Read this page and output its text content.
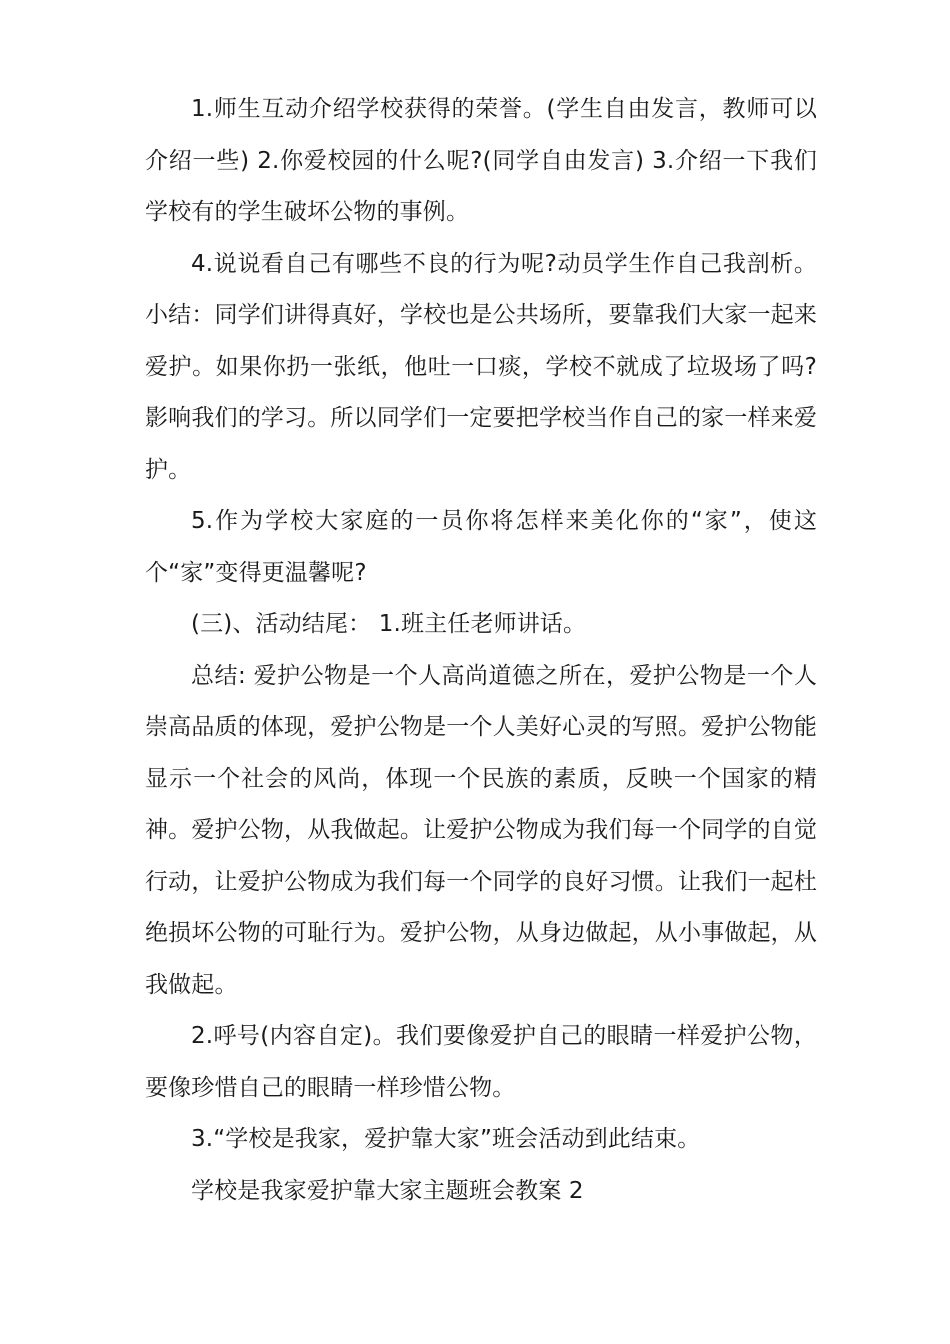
1.师生互动介绍学校获得的荣誉。(学生自由发言，教师可以介绍一些) 2.你爱校园的什么呢?(同学自由发言) 3.介绍一下我们学校有的学生破坏公物的事例。

4.说说看自己有哪些不良的行为呢?动员学生作自己我剖析。小结：同学们讲得真好，学校也是公共场所，要靠我们大家一起来爱护。如果你扔一张纸，他吐一口痰，学校不就成了垃圾场了吗?影响我们的学习。所以同学们一定要把学校当作自己的家一样来爱护。

5.作为学校大家庭的一员你将怎样来美化你的“家”，使这个“家”变得更温馨呢?

(三)、活动结尾： 1.班主任老师讲话。

总结: 爱护公物是一个人高尚道德之所在，爱护公物是一个人崇高品质的体现，爱护公物是一个人美好心灵的写照。爱护公物能显示一个社会的风尚，体现一个民族的素质，反映一个国家的精神。爱护公物，从我做起。让爱护公物成为我们每一个同学的自觉行动，让爱护公物成为我们每一个同学的良好习惯。让我们一起杜绝损坏公物的可耻行为。爱护公物，从身边做起，从小事做起，从我做起。

2.呼号(内容自定)。我们要像爱护自己的眼睛一样爱护公物，要像珍惜自己的眼睛一样珍惜公物。

3.“学校是我家，爱护靠大家”班会活动到此结束。

学校是我家爱护靠大家主题班会教案 2
